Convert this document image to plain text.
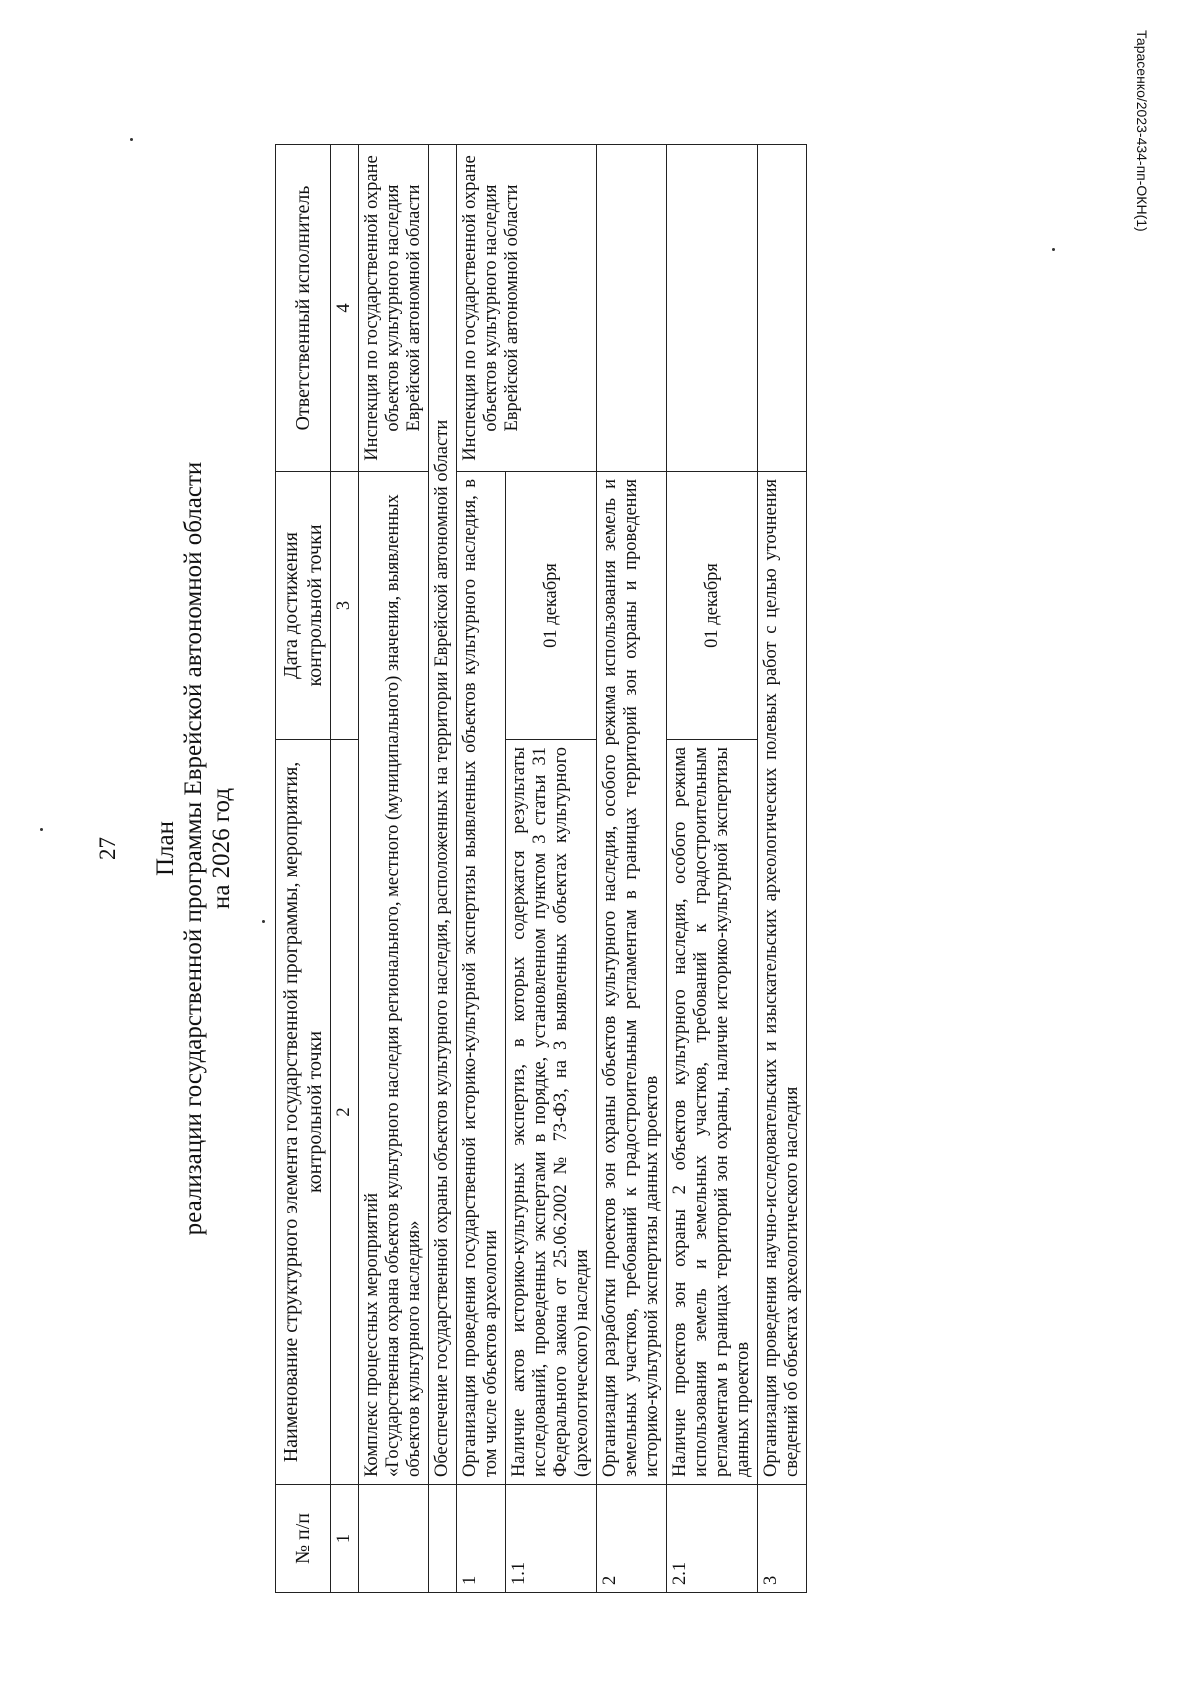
27 План реализации государственной программы Еврейской автономной области на 2026 год
№ п/п	Наименование структурного элемента государственной программы, мероприятия, контрольной точки	Дата достижения контрольной точки	Ответственный исполнитель
1	2	3	4

	Комплекс процессных мероприятий «Государственная охрана объектов культурного наследия регионального, местного (муниципального) значения, выявленных объектов культурного наследия»		Инспекция по государственной охране объектов культурного наследия Еврейской автономной области
	Обеспечение государственной охраны объектов культурного наследия, расположенных на территории Еврейской автономной области		
1	Организация проведения государственной историко-культурной экспертизы выявленных объектов культурного наследия, в том числе объектов археологии		Инспекция по государственной охране объектов культурного наследия Еврейской автономной области
1.1	Наличие актов историко-культурных экспертиз, в которых содержатся результаты исследований, проведенных экспертами в порядке, установленном пунктом 3 статьи 31 Федерального закона от 25.06.2002 № 73-ФЗ, на 3 выявленных объектах культурного (археологического) наследия	01 декабря	
2	Организация разработки проектов зон охраны объектов культурного наследия, особого режима использования земель и земельных участков, требований к градостроительным регламентам в границах территорий зон охраны и проведения историко-культурной экспертизы данных проектов		
2.1	Наличие проектов зон охраны 2 объектов культурного наследия, особого режима использования земель и земельных участков, требований к градостроительным регламентам в границах территорий зон охраны, наличие историко-культурной экспертизы данных проектов	01 декабря	
3	Организация проведения научно-исследовательских и изыскательских археологических полевых работ с целью уточнения сведений об объектах археологического наследия		
Тарасенко/2023-434-пп-ОКН(1)
